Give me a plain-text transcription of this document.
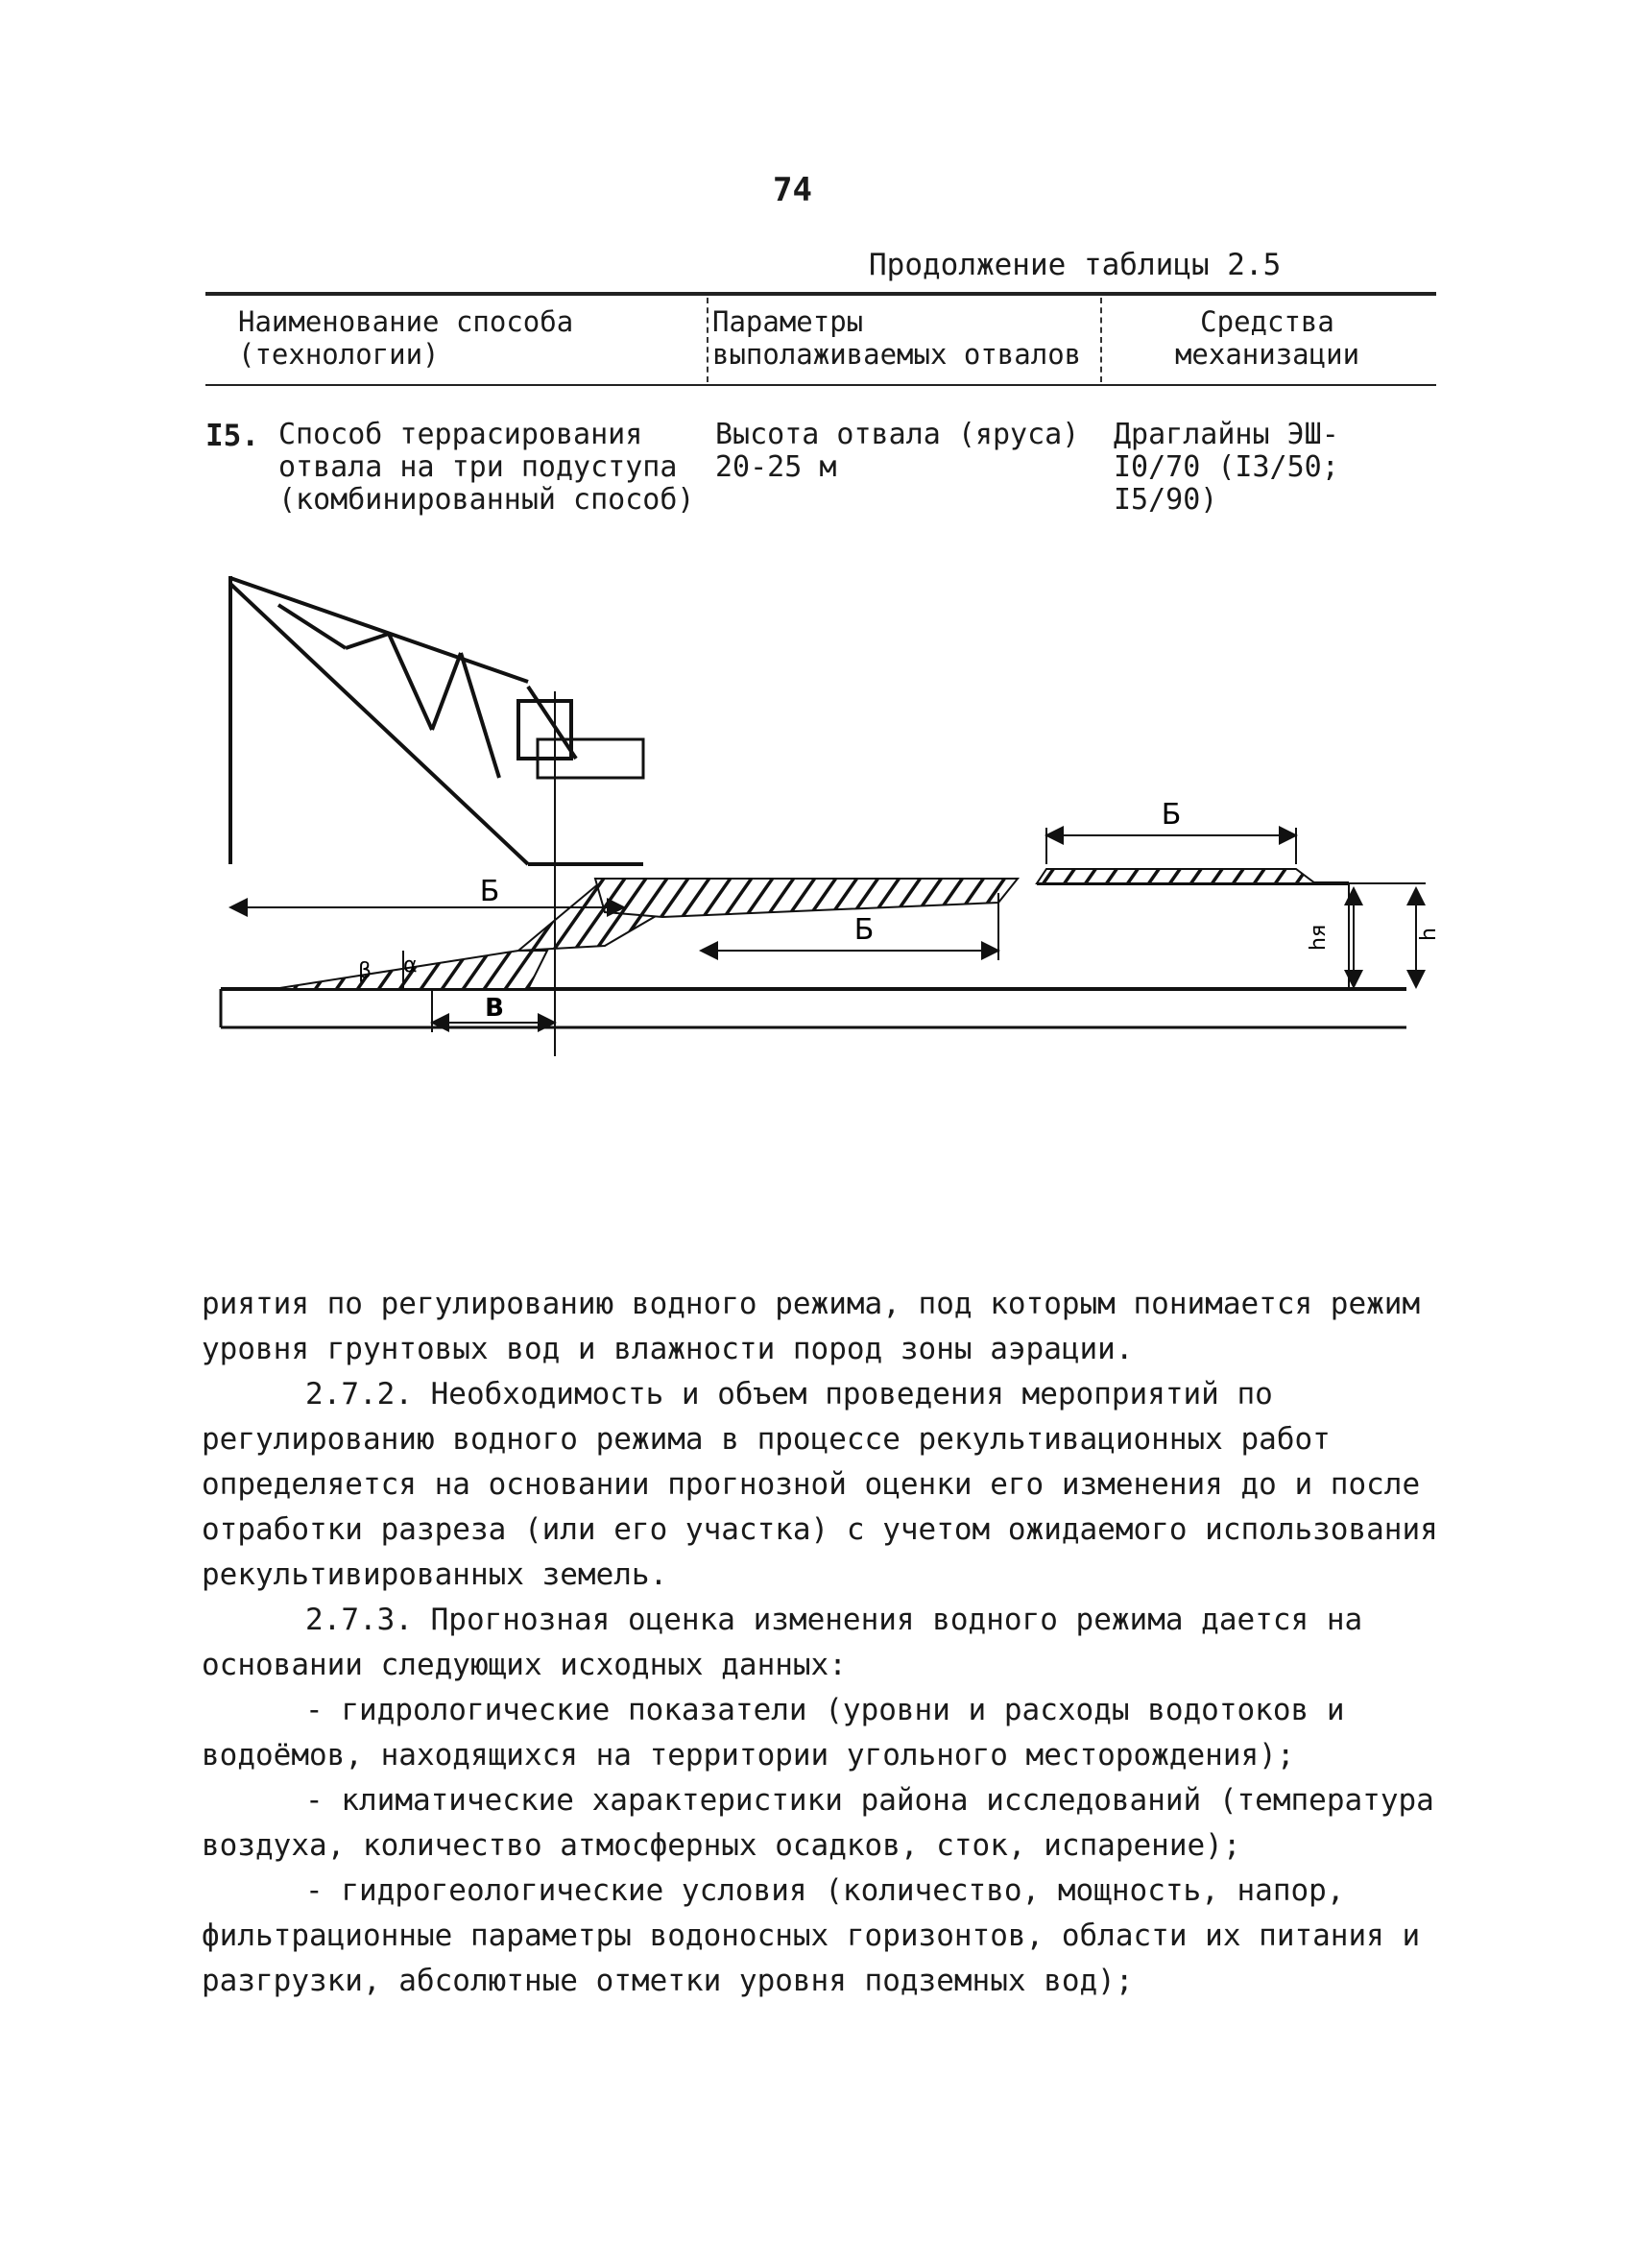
74
Продолжение таблицы 2.5
Наименование способа (технологии)
Параметры выполаживаемых отвалов
Средства механизации
I5. Способ террасирования отвала на три подуступа (комбинированный способ)
Высота отвала (яруса) 20-25 м
Драглайны ЭШ-I0/70 (I3/50; I5/90)
Б
Б
Б
В
β α
hя	h

риятия по регулированию водного режима, под которым понимается режим уровня грунтовых вод и влажности пород зоны аэрации.

2.7.2. Необходимость и объем проведения мероприятий по регулированию водного режима в процессе рекультивационных работ определяется на основании прогнозной оценки его изменения до и после отработки разреза (или его участка) с учетом ожидаемого использования рекультивированных земель.

2.7.3. Прогнозная оценка изменения водного режима дается на основании следующих исходных данных:

- гидрологические показатели (уровни и расходы водотоков и водоёмов, находящихся на территории угольного месторождения);

- климатические характеристики района исследований (температура воздуха, количество атмосферных осадков, сток, испарение);

- гидрогеологические условия (количество, мощность, напор, фильтрационные параметры водоносных горизонтов, области их питания и разгрузки, абсолютные отметки уровня подземных вод);
